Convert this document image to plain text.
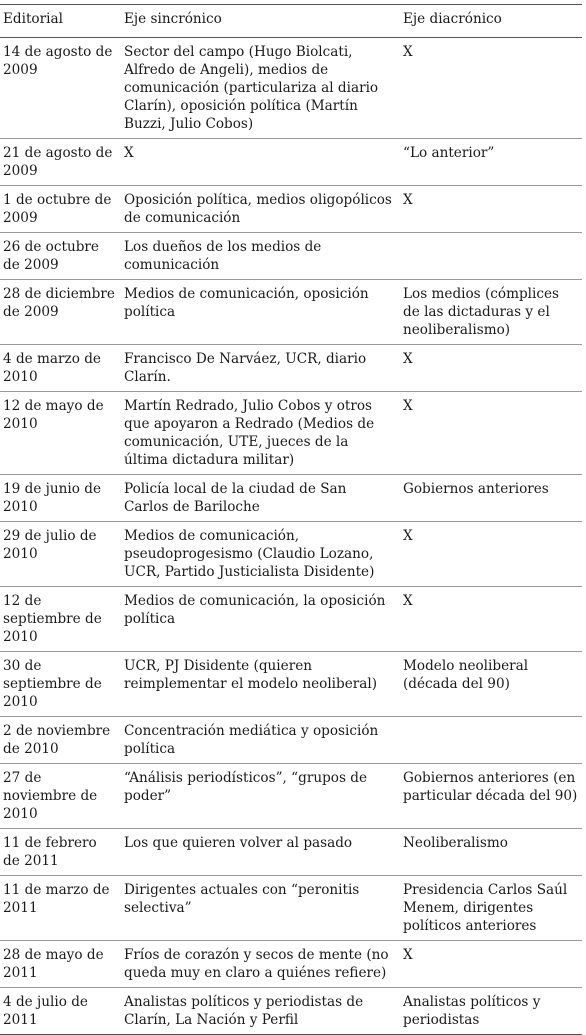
Editorial	Eje sincrónico	Eje diacrónico
14 de agosto de 2009	Sector del campo (Hugo Biolcati, Alfredo de Angeli), medios de comunicación (particulariza al diario Clarín), oposición política (Martín Buzzi, Julio Cobos)	X
21 de agosto de 2009	X	“Lo anterior”
1 de octubre de 2009	Oposición política, medios oligopólicos de comunicación	X
26 de octubre de 2009	Los dueños de los medios de comunicación	
28 de diciembre de 2009	Medios de comunicación, oposición política	Los medios (cómplices de las dictaduras y el neoliberalismo)
4 de marzo de 2010	Francisco De Narváez, UCR, diario Clarín.	X
12 de mayo de 2010	Martín Redrado, Julio Cobos y otros que apoyaron a Redrado (Medios de comunicación, UTE, jueces de la última dictadura militar)	X
19 de junio de 2010	Policía local de la ciudad de San Carlos de Bariloche	Gobiernos anteriores
29 de julio de 2010	Medios de comunicación, pseudoprogesismo (Claudio Lozano, UCR, Partido Justicialista Disidente)	X
12 de septiembre de 2010	Medios de comunicación, la oposición política	X
30 de septiembre de 2010	UCR, PJ Disidente (quieren reimplementar el modelo neoliberal)	Modelo neoliberal (década del 90)
2 de noviembre de 2010	Concentración mediática y oposición política	
27 de noviembre de 2010	“Análisis periodísticos”, “grupos de poder”	Gobiernos anteriores (en particular década del 90)
11 de febrero de 2011	Los que quieren volver al pasado	Neoliberalismo
11 de marzo de 2011	Dirigentes actuales con “peronitis selectiva”	Presidencia Carlos Saúl Menem, dirigentes políticos anteriores
28 de mayo de 2011	Fríos de corazón y secos de mente (no queda muy en claro a quiénes refiere)	X
4 de julio de 2011	Analistas políticos y periodistas de Clarín, La Nación y Perfil	Analistas políticos y periodistas
